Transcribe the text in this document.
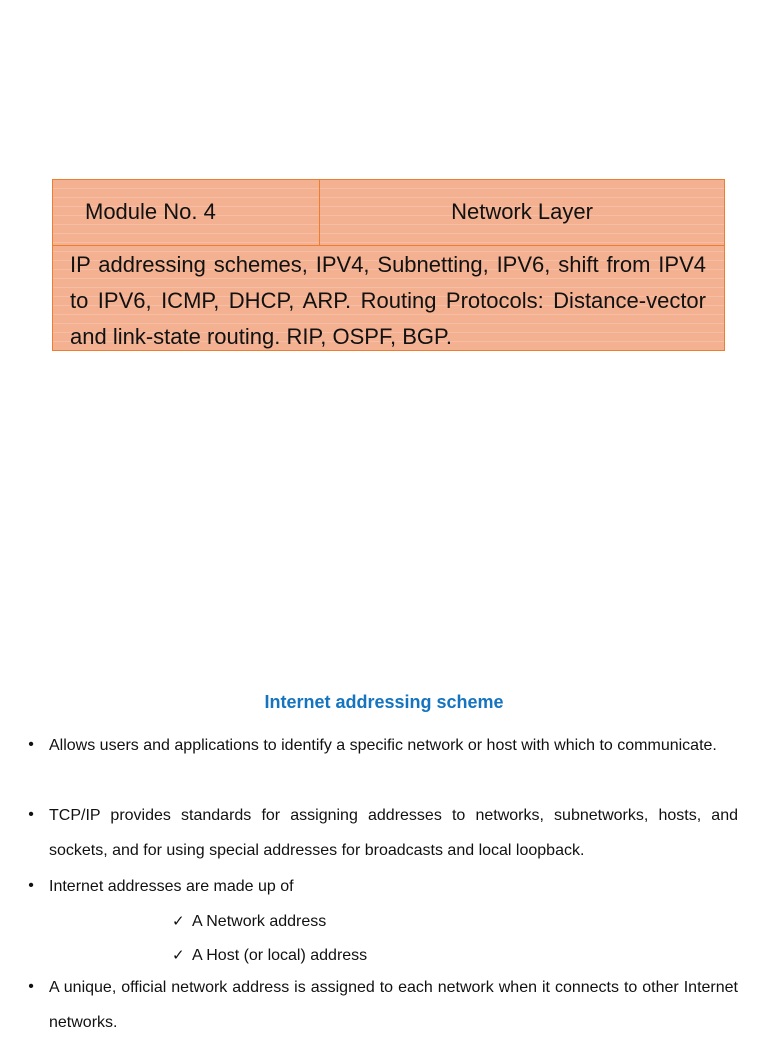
Module No. 4	Network Layer
IP addressing schemes, IPV4, Subnetting, IPV6, shift from IPV4 to IPV6, ICMP, DHCP, ARP. Routing Protocols: Distance-vector and link-state routing. RIP, OSPF, BGP.
Internet addressing scheme
• Allows users and applications to identify a specific network or host with which to communicate.
• TCP/IP provides standards for assigning addresses to networks, subnetworks, hosts, and sockets, and for using special addresses for broadcasts and local loopback.
• Internet addresses are made up of
✓ A Network address
✓ A Host (or local) address
• A unique, official network address is assigned to each network when it connects to other Internet networks.
